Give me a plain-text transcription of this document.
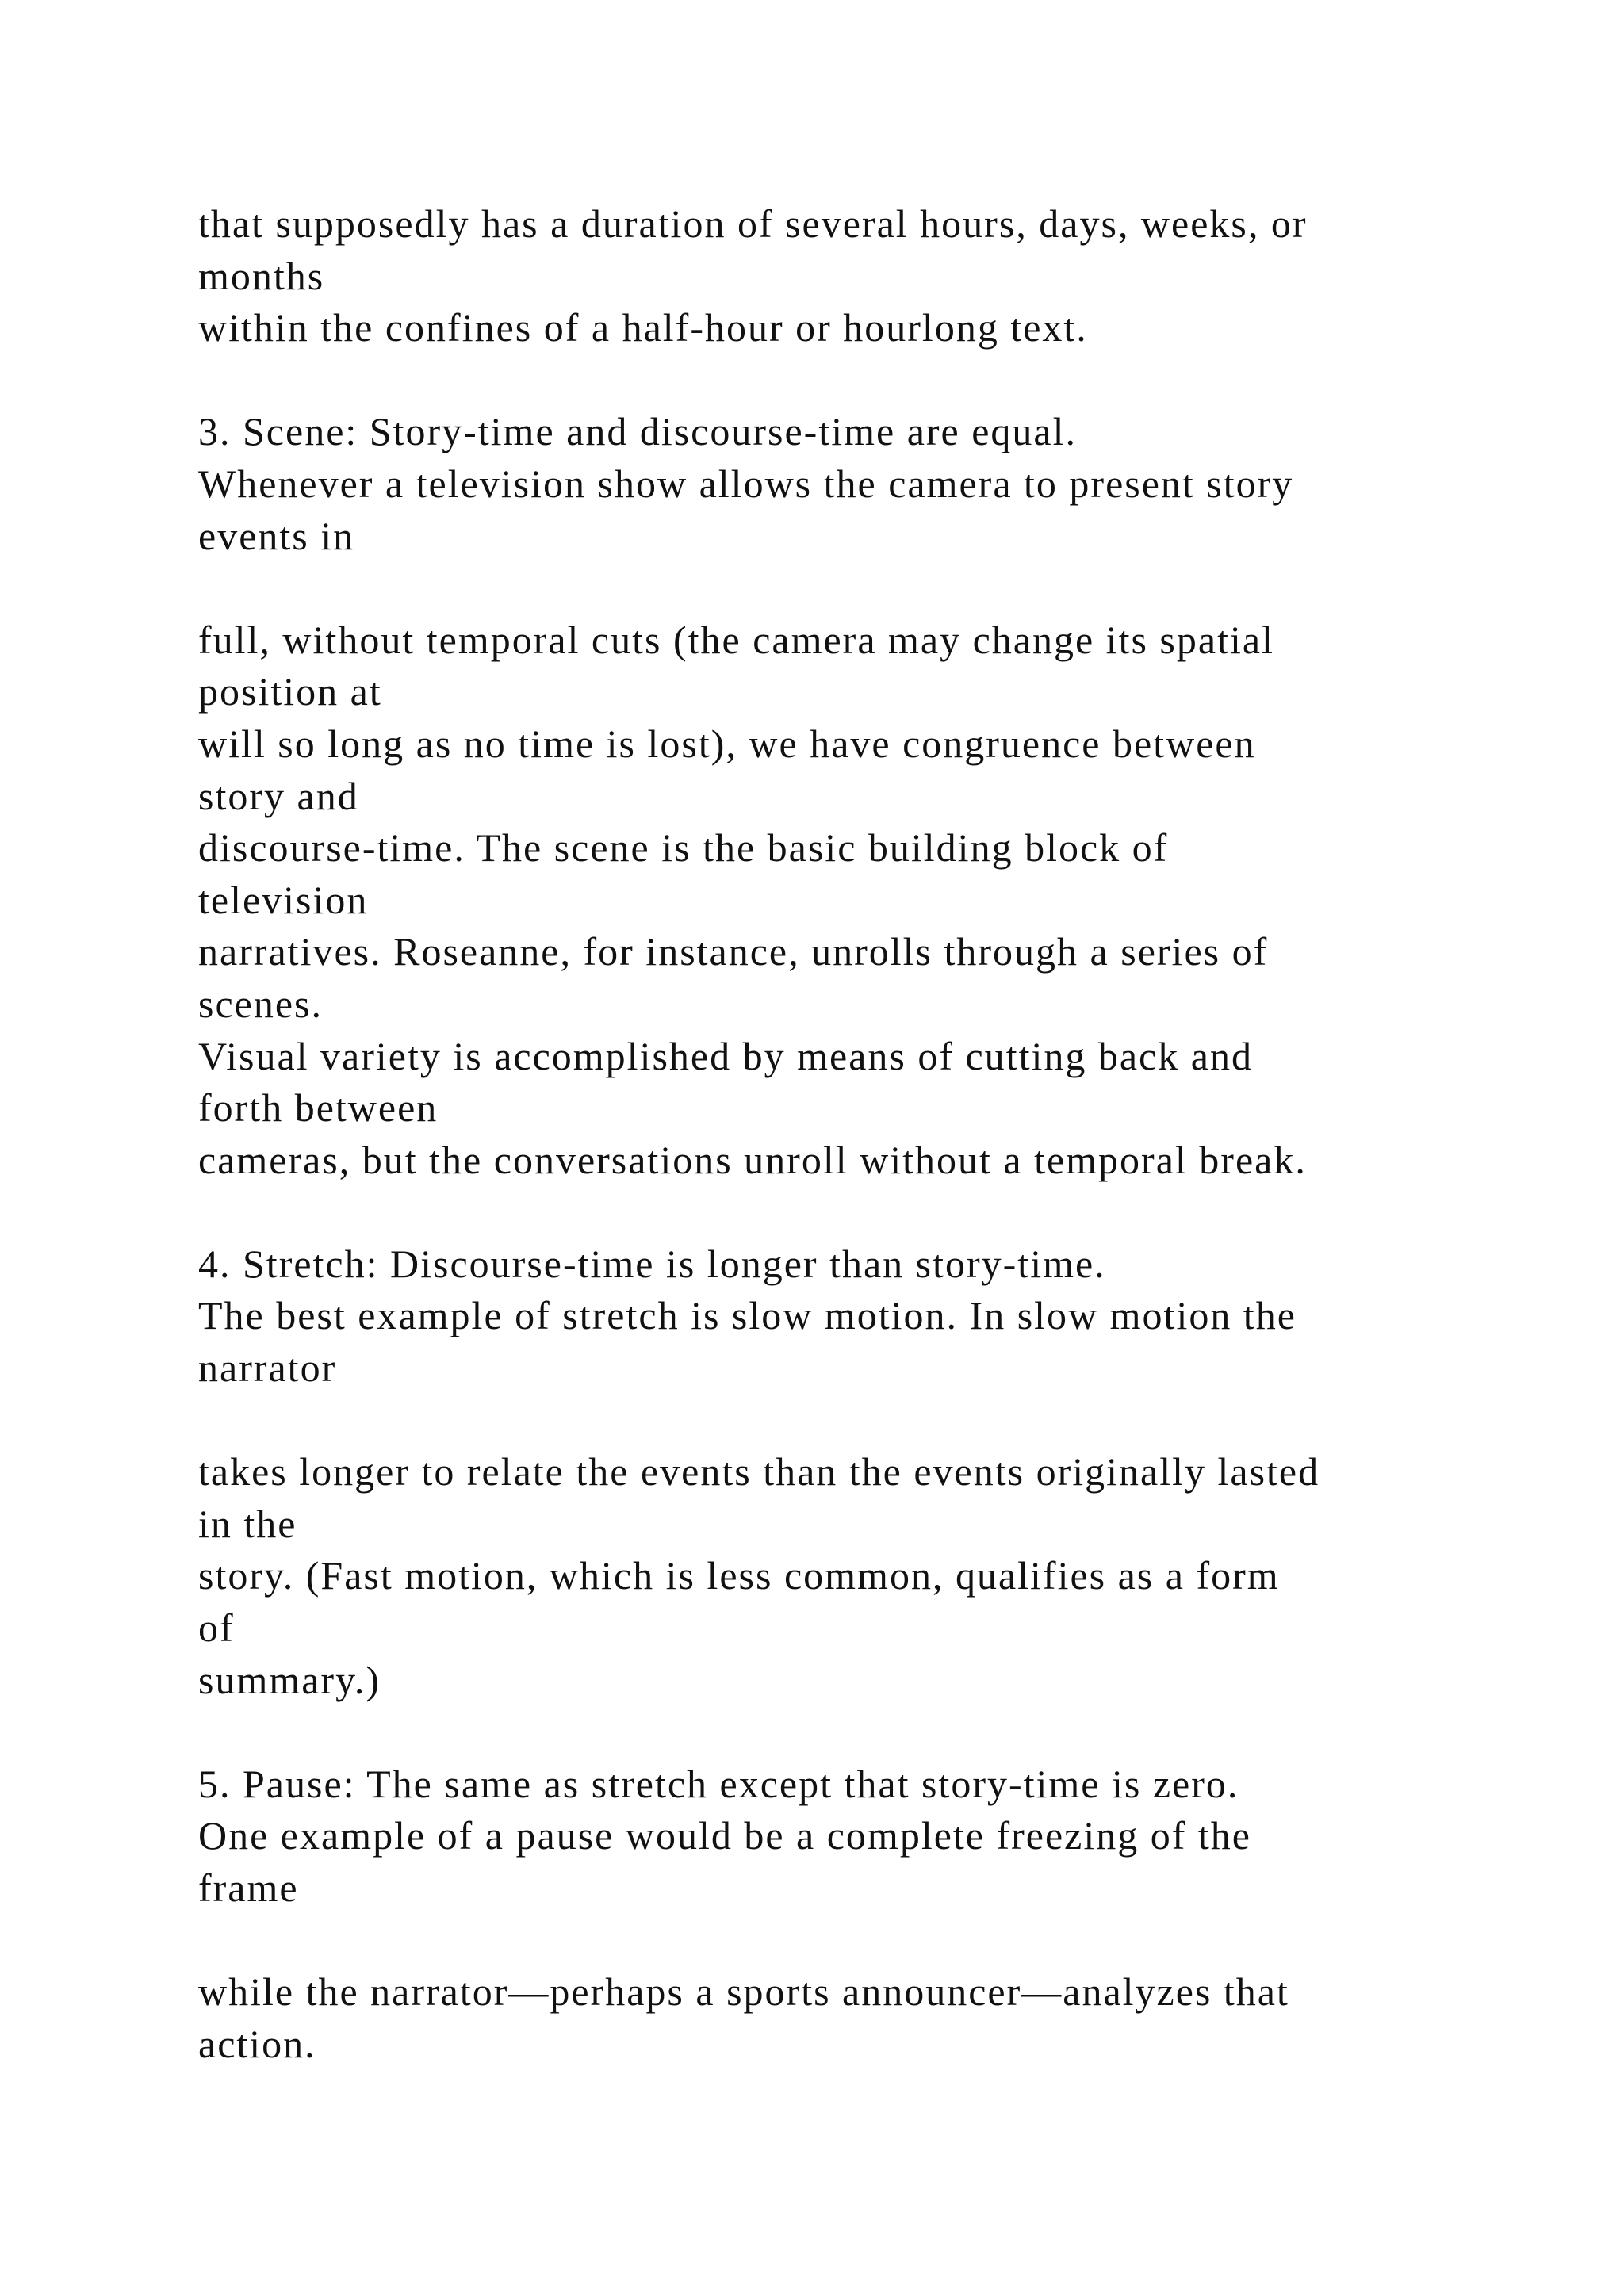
that supposedly has a duration of several hours, days, weeks, or
months
within the confines of a half-hour or hourlong text.
3. Scene: Story-time and discourse-time are equal.
Whenever a television show allows the camera to present story
events in
full, without temporal cuts (the camera may change its spatial
position at
will so long as no time is lost), we have congruence between
story and
discourse-time. The scene is the basic building block of
television
narratives. Roseanne, for instance, unrolls through a series of
scenes.
Visual variety is accomplished by means of cutting back and
forth between
cameras, but the conversations unroll without a temporal break.
4. Stretch: Discourse-time is longer than story-time.
The best example of stretch is slow motion. In slow motion the
narrator
takes longer to relate the events than the events originally lasted
in the
story. (Fast motion, which is less common, qualifies as a form
of
summary.)
5. Pause: The same as stretch except that story-time is zero.
One example of a pause would be a complete freezing of the
frame
while the narrator—perhaps a sports announcer—analyzes that
action.
